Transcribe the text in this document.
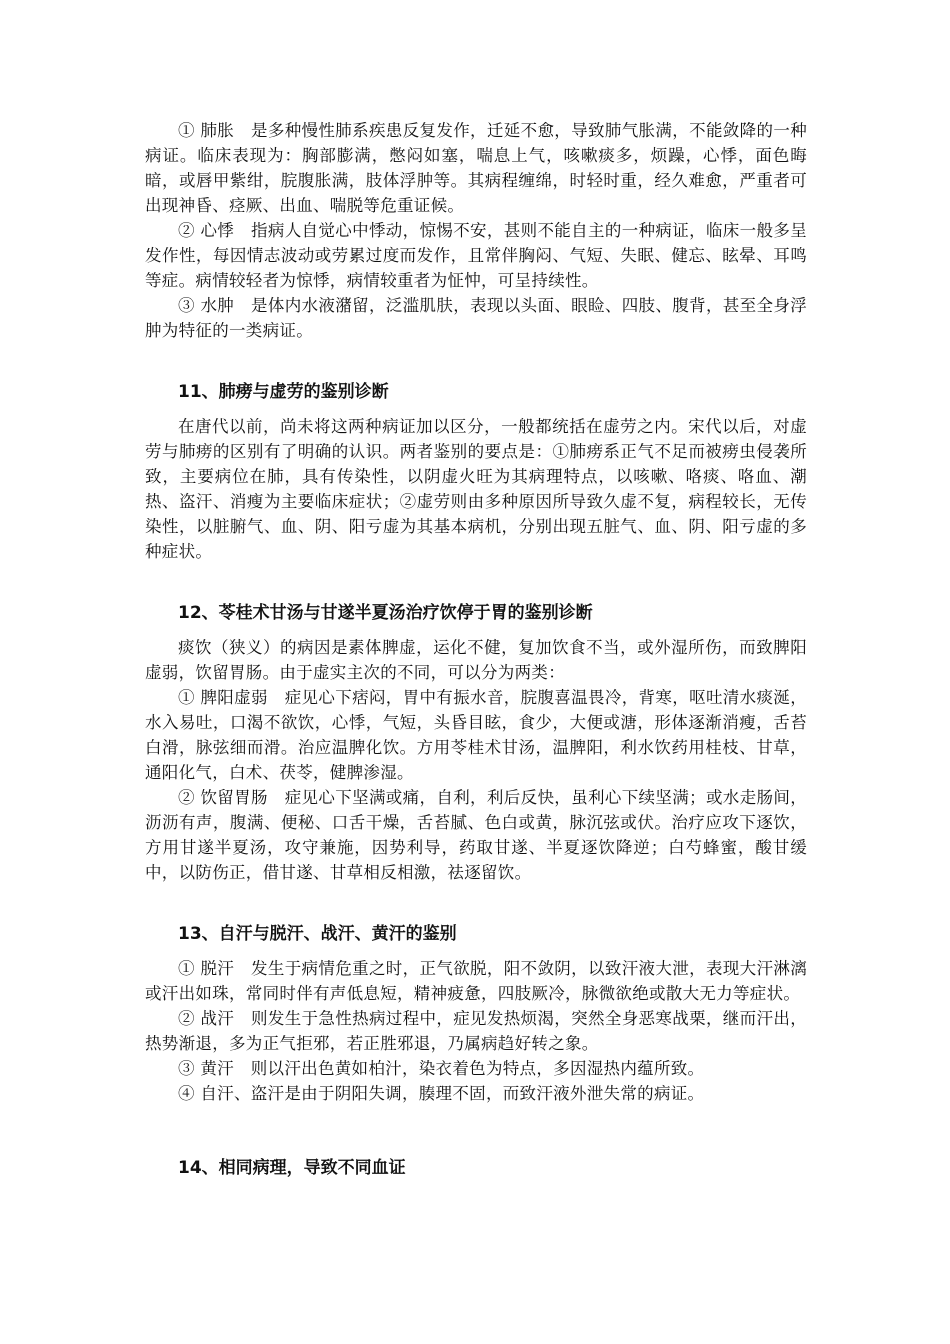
① 肺胀　是多种慢性肺系疾患反复发作，迁延不愈，导致肺气胀满，不能敛降的一种病证。临床表现为：胸部膨满，憋闷如塞，喘息上气，咳嗽痰多，烦躁，心悸，面色晦暗，或唇甲紫绀，脘腹胀满，肢体浮肿等。其病程缠绵，时轻时重，经久难愈，严重者可出现神昏、痉厥、出血、喘脱等危重证候。

② 心悸　指病人自觉心中悸动，惊惕不安，甚则不能自主的一种病证，临床一般多呈发作性，每因情志波动或劳累过度而发作，且常伴胸闷、气短、失眠、健忘、眩晕、耳鸣等症。病情较轻者为惊悸，病情较重者为怔忡，可呈持续性。

③ 水肿　是体内水液潴留，泛滥肌肤，表现以头面、眼睑、四肢、腹背，甚至全身浮肿为特征的一类病证。

11、肺痨与虚劳的鉴别诊断

在唐代以前，尚未将这两种病证加以区分，一般都统括在虚劳之内。宋代以后，对虚劳与肺痨的区别有了明确的认识。两者鉴别的要点是：①肺痨系正气不足而被痨虫侵袭所致，主要病位在肺，具有传染性，以阴虚火旺为其病理特点，以咳嗽、咯痰、咯血、潮热、盗汗、消瘦为主要临床症状；②虚劳则由多种原因所导致久虚不复，病程较长，无传染性，以脏腑气、血、阴、阳亏虚为其基本病机，分别出现五脏气、血、阴、阳亏虚的多种症状。

12、苓桂术甘汤与甘遂半夏汤治疗饮停于胃的鉴别诊断

痰饮（狭义）的病因是素体脾虚，运化不健，复加饮食不当，或外湿所伤，而致脾阳虚弱，饮留胃肠。由于虚实主次的不同，可以分为两类：

① 脾阳虚弱　症见心下痞闷，胃中有振水音，脘腹喜温畏冷，背寒，呕吐清水痰涎，水入易吐，口渴不欲饮，心悸，气短，头昏目眩，食少，大便或溏，形体逐渐消瘦，舌苔白滑，脉弦细而滑。治应温脾化饮。方用苓桂术甘汤，温脾阳，利水饮药用桂枝、甘草，通阳化气，白术、茯苓，健脾渗湿。

② 饮留胃肠　症见心下坚满或痛，自利，利后反快，虽利心下续坚满；或水走肠间，沥沥有声，腹满、便秘、口舌干燥，舌苔腻、色白或黄，脉沉弦或伏。治疗应攻下逐饮，方用甘遂半夏汤，攻守兼施，因势利导，药取甘遂、半夏逐饮降逆；白芍蜂蜜，酸甘缓中，以防伤正，借甘遂、甘草相反相激，祛逐留饮。

13、自汗与脱汗、战汗、黄汗的鉴别

① 脱汗　发生于病情危重之时，正气欲脱，阳不敛阴，以致汗液大泄，表现大汗淋漓或汗出如珠，常同时伴有声低息短，精神疲惫，四肢厥冷，脉微欲绝或散大无力等症状。

② 战汗　则发生于急性热病过程中，症见发热烦渴，突然全身恶寒战栗，继而汗出，热势渐退，多为正气拒邪，若正胜邪退，乃属病趋好转之象。

③ 黄汗　则以汗出色黄如柏汁，染衣着色为特点，多因湿热内蕴所致。

④ 自汗、盗汗是由于阴阳失调，腠理不固，而致汗液外泄失常的病证。

14、相同病理，导致不同血证
